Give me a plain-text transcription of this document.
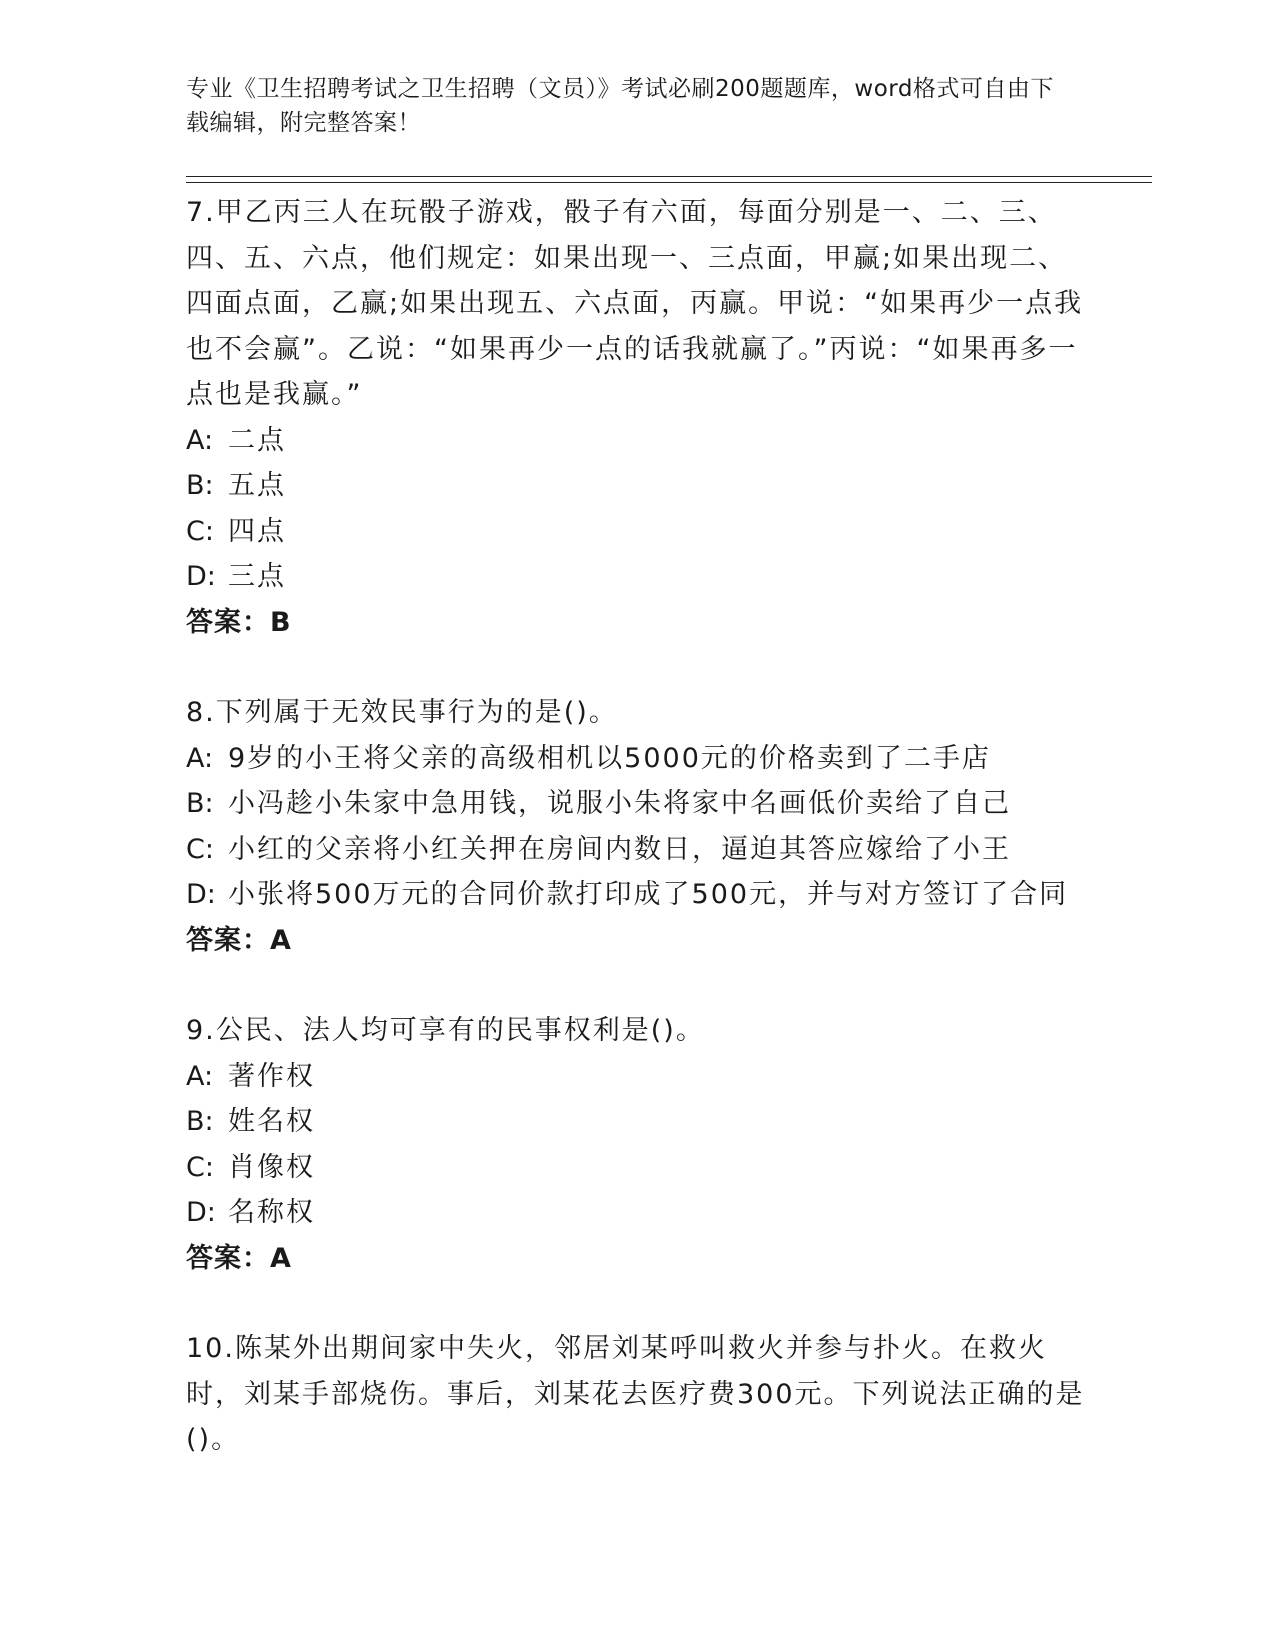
专业《卫生招聘考试之卫生招聘（文员）》考试必刷200题题库，word格式可自由下载编辑，附完整答案！
7.甲乙丙三人在玩骰子游戏，骰子有六面，每面分别是一、二、三、四、五、六点，他们规定：如果出现一、三点面，甲赢;如果出现二、四面点面，乙赢;如果出现五、六点面，丙赢。甲说：“如果再少一点我也不会赢”。乙说：“如果再少一点的话我就赢了。”丙说：“如果再多一点也是我赢。”
A: 二点
B: 五点
C: 四点
D: 三点
答案：B
8.下列属于无效民事行为的是()。
A: 9岁的小王将父亲的高级相机以5000元的价格卖到了二手店
B: 小冯趁小朱家中急用钱，说服小朱将家中名画低价卖给了自己
C: 小红的父亲将小红关押在房间内数日，逼迫其答应嫁给了小王
D: 小张将500万元的合同价款打印成了500元，并与对方签订了合同
答案：A
9.公民、法人均可享有的民事权利是()。
A: 著作权
B: 姓名权
C: 肖像权
D: 名称权
答案：A
10.陈某外出期间家中失火，邻居刘某呼叫救火并参与扑火。在救火时，刘某手部烧伤。事后，刘某花去医疗费300元。下列说法正确的是()。
